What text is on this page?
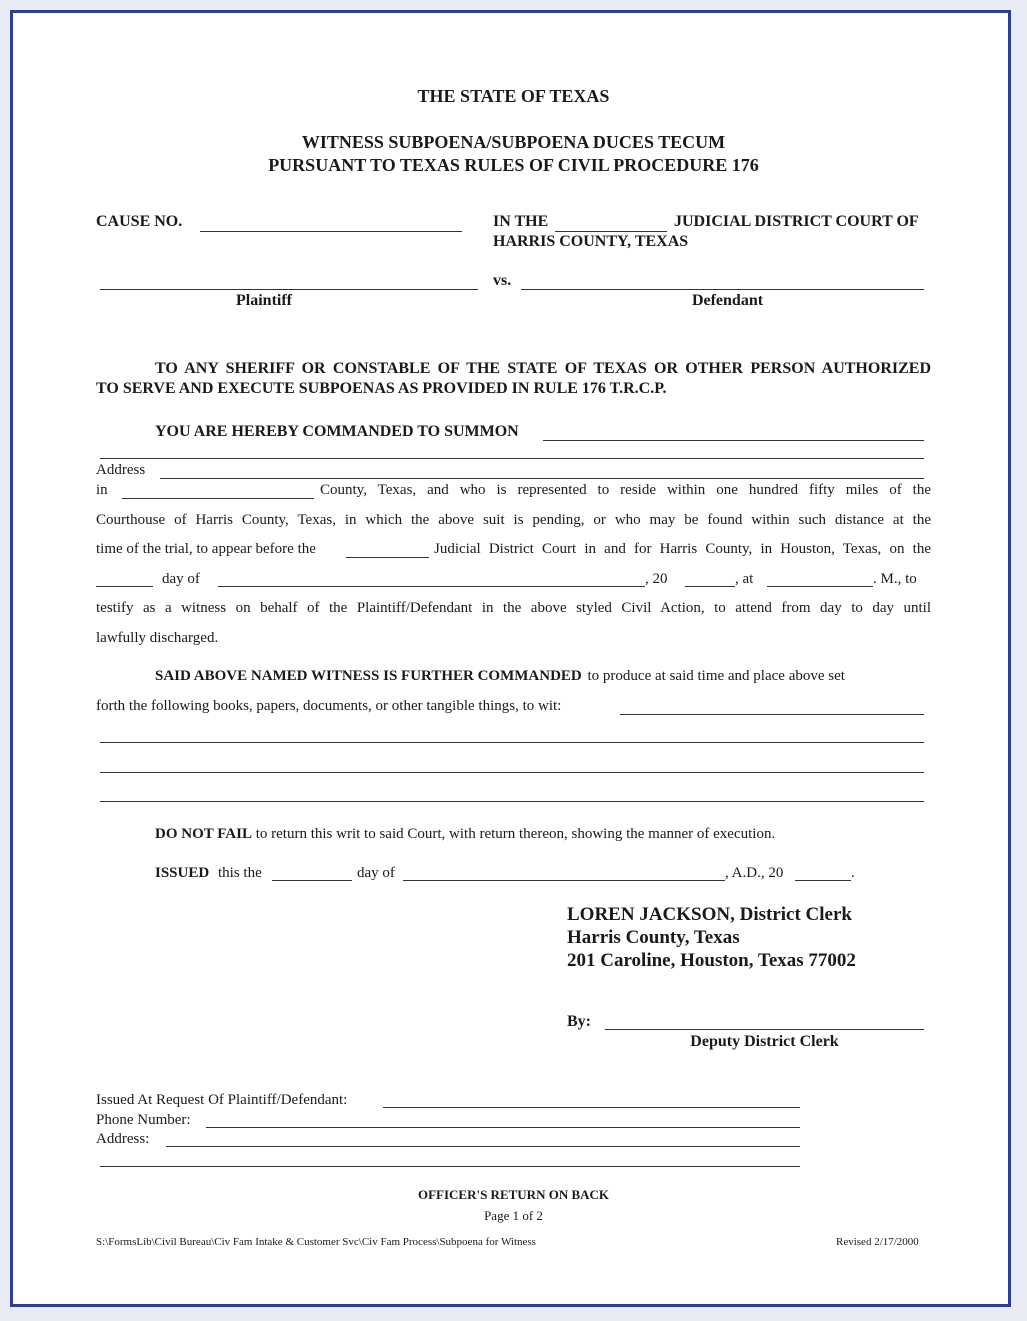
THE STATE OF TEXAS
WITNESS SUBPOENA/SUBPOENA DUCES TECUM
PURSUANT TO TEXAS RULES OF CIVIL PROCEDURE 176
CAUSE NO.	IN THE	JUDICIAL DISTRICT COURT OF
HARRIS COUNTY, TEXAS
vs.
Plaintiff	Defendant
TO ANY SHERIFF OR CONSTABLE OF THE STATE OF TEXAS OR OTHER PERSON AUTHORIZED
TO SERVE AND EXECUTE SUBPOENAS AS PROVIDED IN RULE 176 T.R.C.P.
YOU ARE HEREBY COMMANDED TO SUMMON
Address
in	County, Texas, and who is represented to reside within one hundred fifty miles of the
Courthouse of Harris County, Texas, in which the above suit is pending, or who may be found within such distance at the
time of the trial, to appear before the	Judicial District Court in and for Harris County, in Houston, Texas, on the
day of	, 20	, at	. M., to
testify as a witness on behalf of the Plaintiff/Defendant in the above styled Civil Action, to attend from day to day until
lawfully discharged.
SAID ABOVE NAMED WITNESS IS FURTHER COMMANDED to produce at said time and place above set
forth the following books, papers, documents, or other tangible things, to wit:
DO NOT FAIL to return this writ to said Court, with return thereon, showing the manner of execution.
ISSUED this the	day of	, A.D., 20	.
LOREN JACKSON, District Clerk
Harris County, Texas
201 Caroline, Houston, Texas 77002
By:
Deputy District Clerk
Issued At Request Of Plaintiff/Defendant:
Phone Number:
Address:
OFFICER'S RETURN ON BACK
Page 1 of 2
S:\FormsLib\Civil Bureau\Civ Fam Intake & Customer Svc\Civ Fam Process\Subpoena for Witness	Revised 2/17/2000
